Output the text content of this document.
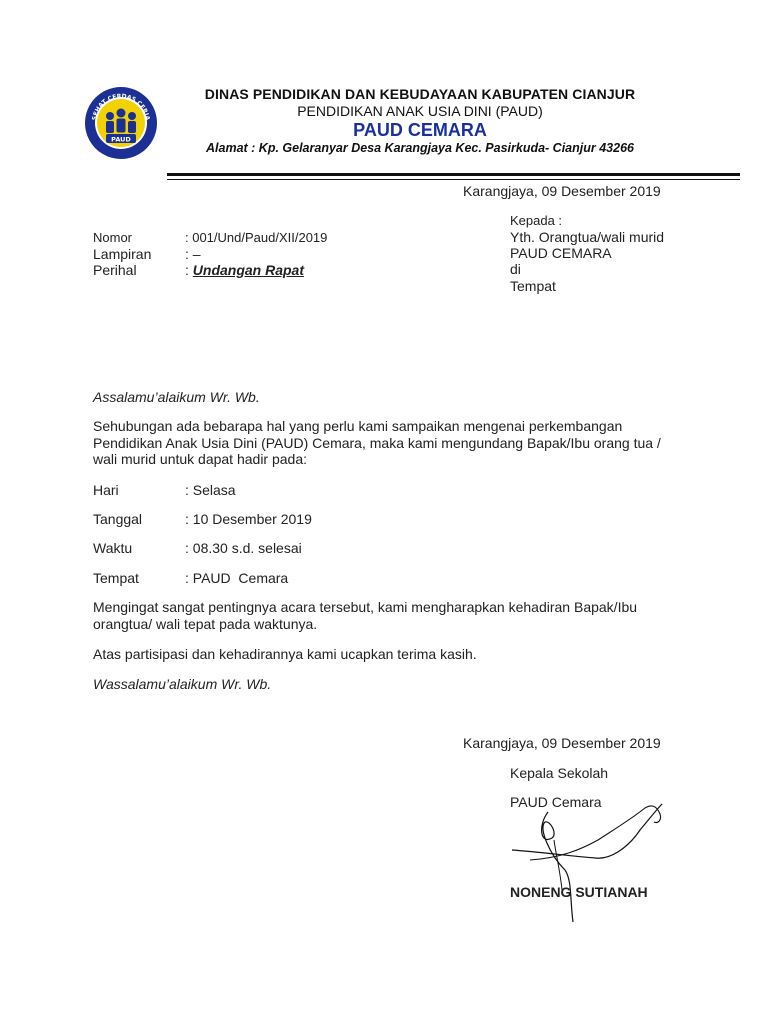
SEHAT CERDAS CERIA
PAUD
DINAS PENDIDIKAN DAN KEBUDAYAAN KABUPATEN CIANJUR
PENDIDIKAN ANAK USIA DINI (PAUD)
PAUD CEMARA
Alamat : Kp. Gelaranyar Desa Karangjaya Kec. Pasirkuda- Cianjur 43266
Karangjaya, 09 Desember 2019
Kepada :
Yth. Orangtua/wali murid
PAUD CEMARA
di
Tempat
Nomor	: 001/Und/Paud/XII/2019
Lampiran : –
Perihal	: Undangan Rapat
Assalamu’alaikum Wr. Wb.
Sehubungan ada bebarapa hal yang perlu kami sampaikan mengenai perkembangan Pendidikan Anak Usia Dini (PAUD) Cemara, maka kami mengundang Bapak/Ibu orang tua / wali murid untuk dapat hadir pada:
Hari	: Selasa
Tanggal	: 10 Desember 2019
Waktu	: 08.30 s.d. selesai
Tempat	: PAUD  Cemara
Mengingat sangat pentingnya acara tersebut, kami mengharapkan kehadiran Bapak/Ibu orangtua/ wali tepat pada waktunya.
Atas partisipasi dan kehadirannya kami ucapkan terima kasih.
Wassalamu’alaikum Wr. Wb.
Karangjaya, 09 Desember 2019
Kepala Sekolah
PAUD Cemara
NONENG SUTIANAH
